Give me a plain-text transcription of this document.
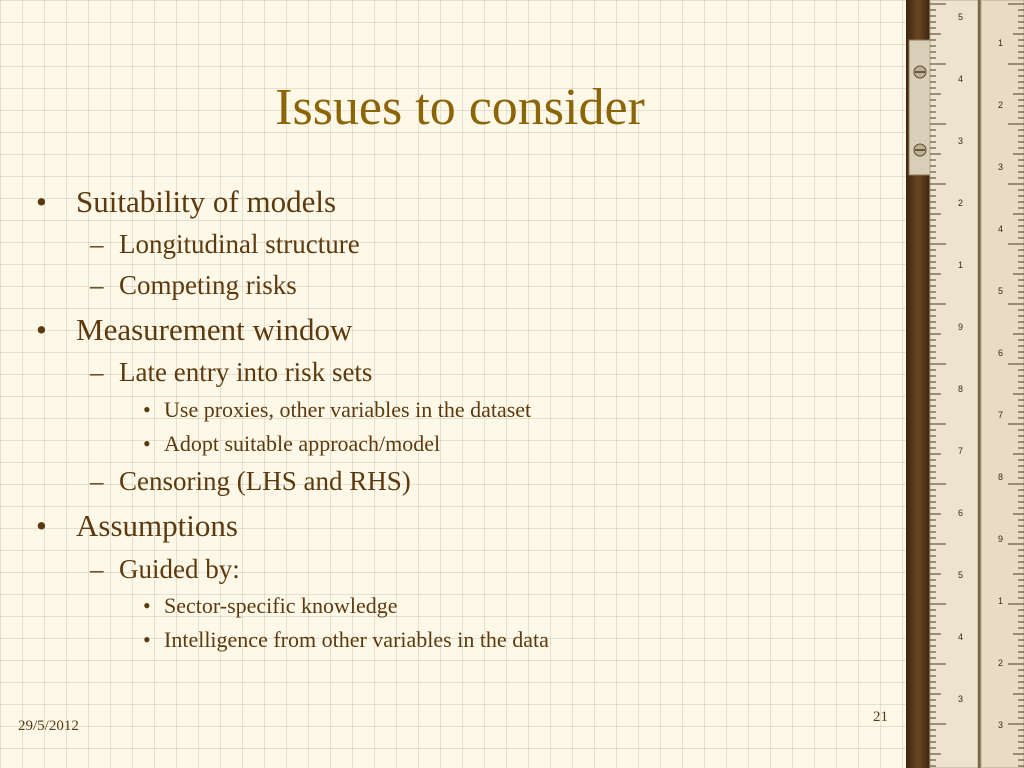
Issues to consider
• Suitability of models
– Longitudinal structure
– Competing risks
• Measurement window
– Late entry into risk sets
• Use proxies, other variables in the dataset
• Adopt suitable approach/model
– Censoring (LHS and RHS)
• Assumptions
– Guided by:
• Sector-specific knowledge
• Intelligence from other variables in the data
29/5/2012
21
5
4
3
2
1
9
8
7
6
5
4
3
1
2
3
4
5
6
7
8
9
1
2
3
